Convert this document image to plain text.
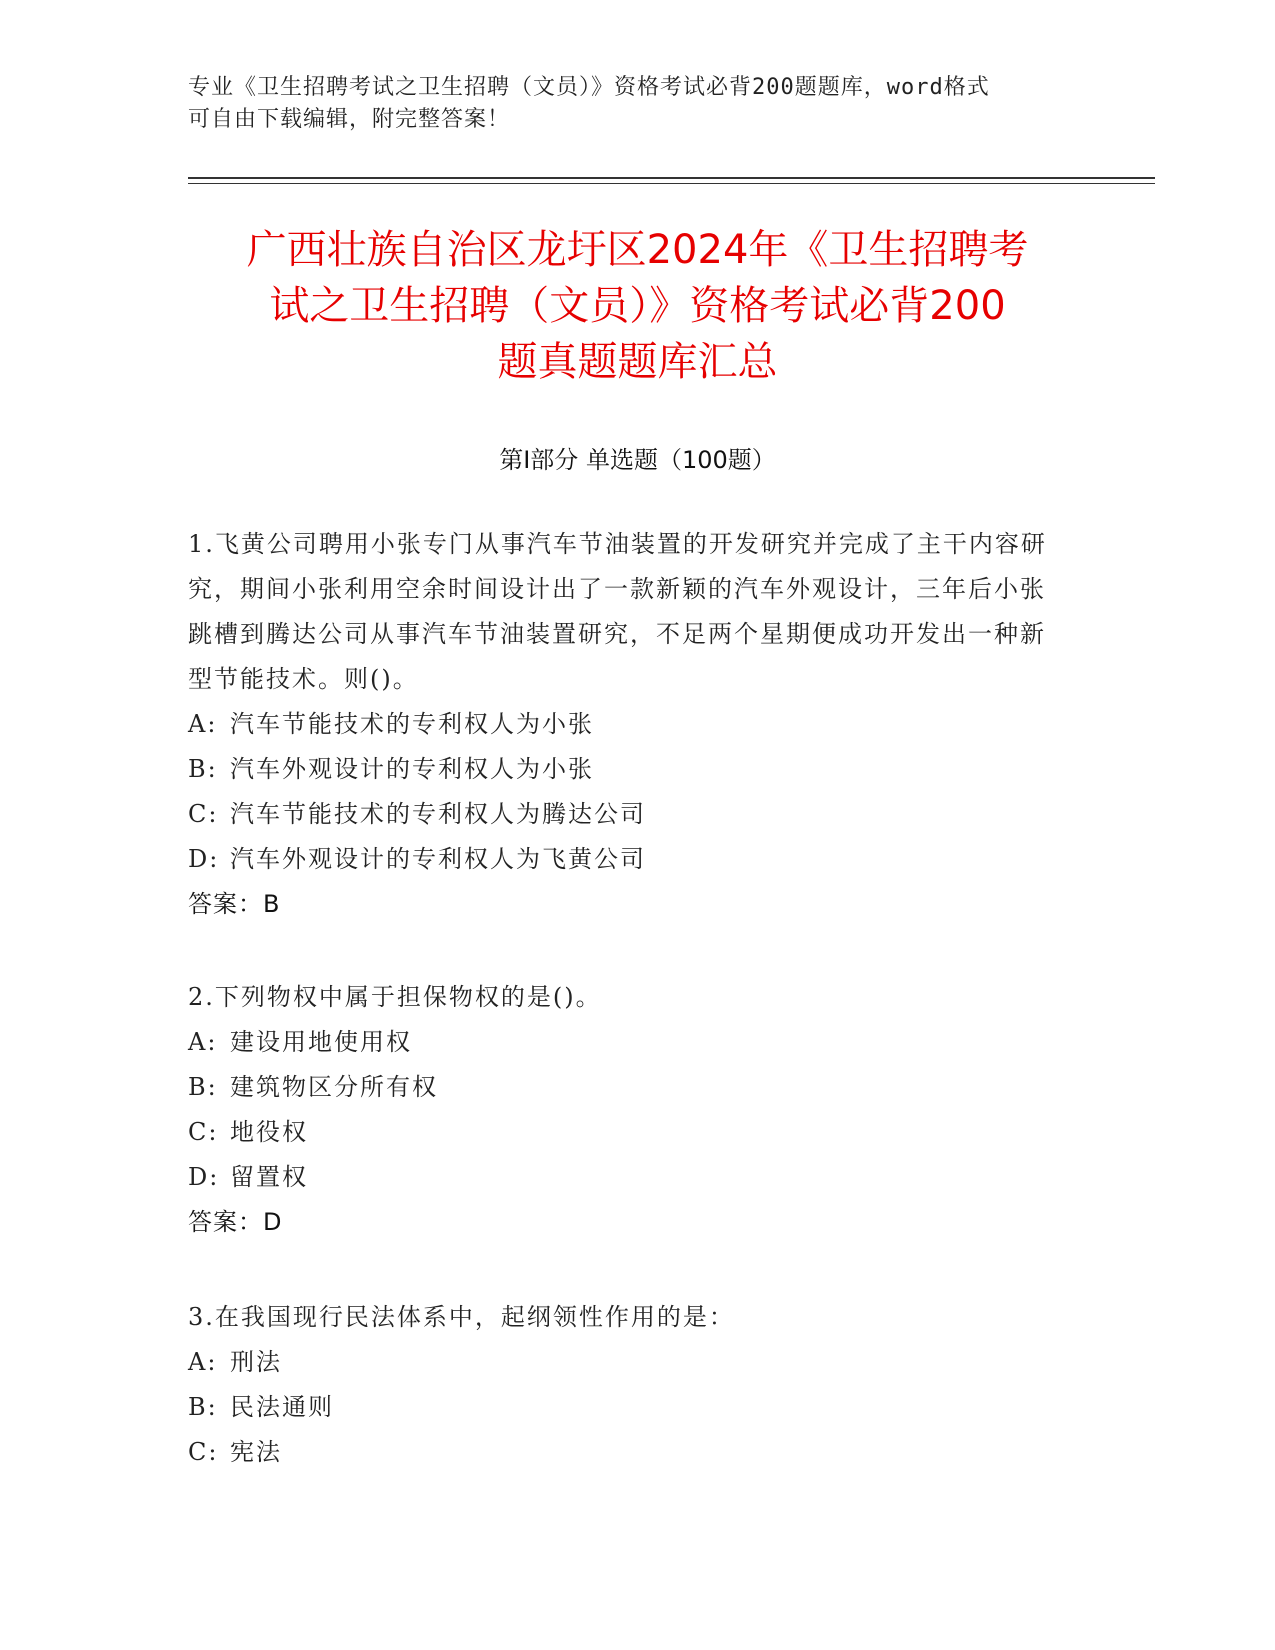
专业《卫生招聘考试之卫生招聘（文员）》资格考试必背200题题库，word格式
可自由下载编辑，附完整答案！
广西壮族自治区龙圩区2024年《卫生招聘考
试之卫生招聘（文员）》资格考试必背200
题真题题库汇总
第Ⅰ部分 单选题（100题）

1.飞黄公司聘用小张专门从事汽车节油装置的开发研究并完成了主干内容研究，期间小张利用空余时间设计出了一款新颖的汽车外观设计，三年后小张跳槽到腾达公司从事汽车节油装置研究，不足两个星期便成功开发出一种新型节能技术。则()。

A: 汽车节能技术的专利权人为小张
B: 汽车外观设计的专利权人为小张
C: 汽车节能技术的专利权人为腾达公司
D: 汽车外观设计的专利权人为飞黄公司
答案：B

2.下列物权中属于担保物权的是()。

A: 建设用地使用权
B: 建筑物区分所有权
C: 地役权
D: 留置权
答案：D

3.在我国现行民法体系中，起纲领性作用的是：

A: 刑法
B: 民法通则
C: 宪法
